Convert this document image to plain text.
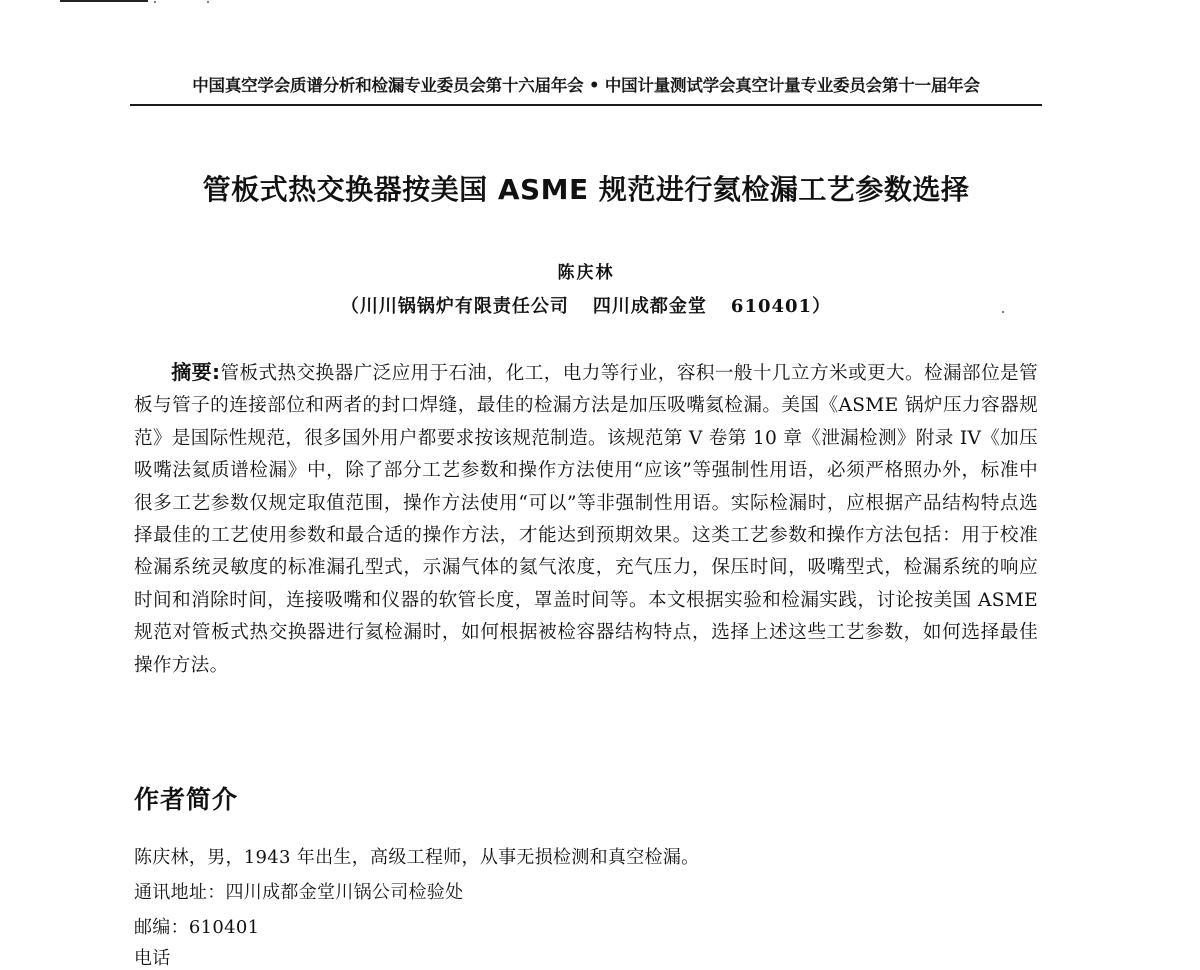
中国真空学会质谱分析和检漏专业委员会第十六届年会 • 中国计量测试学会真空计量专业委员会第十一届年会
管板式热交换器按美国 ASME 规范进行氦检漏工艺参数选择
陈庆林
（川川锅锅炉有限责任公司 四川成都金堂 610401）

摘要:管板式热交换器广泛应用于石油，化工，电力等行业，容积一般十几立方米或更大。检漏部位是管板与管子的连接部位和两者的封口焊缝，最佳的检漏方法是加压吸嘴氦检漏。美国《ASME 锅炉压力容器规范》是国际性规范，很多国外用户都要求按该规范制造。该规范第 V 卷第 10 章《泄漏检测》附录 IV《加压吸嘴法氦质谱检漏》中，除了部分工艺参数和操作方法使用“应该”等强制性用语，必须严格照办外，标准中很多工艺参数仅规定取值范围，操作方法使用“可以”等非强制性用语。实际检漏时，应根据产品结构特点选择最佳的工艺使用参数和最合适的操作方法，才能达到预期效果。这类工艺参数和操作方法包括：用于校准检漏系统灵敏度的标准漏孔型式，示漏气体的氦气浓度，充气压力，保压时间，吸嘴型式，检漏系统的响应时间和消除时间，连接吸嘴和仪器的软管长度，罩盖时间等。本文根据实验和检漏实践，讨论按美国 ASME 规范对管板式热交换器进行氦检漏时，如何根据被检容器结构特点，选择上述这些工艺参数，如何选择最佳操作方法。

作者简介
陈庆林，男，1943 年出生，高级工程师，从事无损检测和真空检漏。
通讯地址：四川成都金堂川锅公司检验处
邮编：610401
电话
